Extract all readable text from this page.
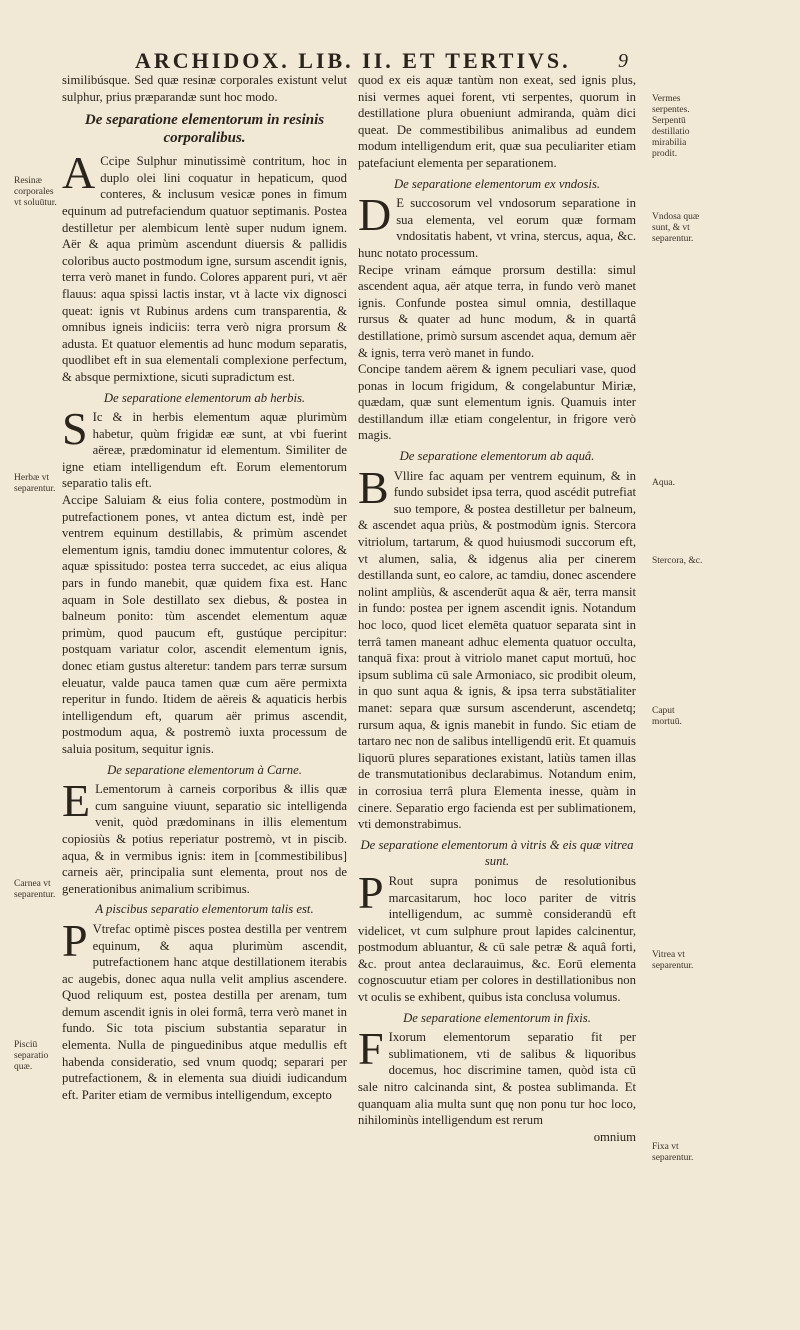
ARCHIDOX. LIB. II. ET TERTIVS.	9
Resinæ corporales vt soluūtur.
Herbæ vt separentur.
Carnea vt separentur.
Pisciū separatio quæ.
Vermes serpentes. Serpentū destillatio mirabilia prodit.
Vndosa quæ sunt, & vt separentur.
Aqua.
Stercora, &c.
Caput mortuū.
Vitrea vt separentur.
Fixa vt separentur.

similibúsque. Sed quæ resinæ corporales existunt velut sulphur, prius præparandæ sunt hoc modo.

De separatione elementorum in resinis corporalibus.

A Ccipe Sulphur minutissimè contritum, hoc in duplo olei lini coquatur in hepaticum, quod conteres, & inclusum vesicæ pones in fimum equinum ad putrefaciendum quatuor septimanis. Postea destilletur per alembicum lentè super nudum ignem. Aër & aqua primùm ascendunt diuersis & pallidis coloribus aucto postmodum igne, sursum ascendit ignis, terra verò manet in fundo. Colores apparent puri, vt aër flauus: aqua spissi lactis instar, vt à lacte vix dignosci queat: ignis vt Rubinus ardens cum transparentia, & omnibus igneis indiciis: terra verò nigra prorsum & adusta. Et quatuor elementis ad hunc modum separatis, quodlibet eft in sua elementali complexione perfectum, & absque permixtione, sicuti supradictum est.

De separatione elementorum ab herbis.

S Ic & in herbis elementum aquæ plurimùm habetur, quùm frigidæ eæ sunt, at vbi fuerint aëreæ, prædominatur id elementum. Similiter de igne etiam intelligendum eft. Eorum elementorum separatio talis eft.

Accipe Saluiam & eius folia contere, postmodùm in putrefactionem pones, vt antea dictum est, indè per ventrem equinum destillabis, & primùm ascendet elementum ignis, tamdiu donec immutentur colores, & aquæ spissitudo: postea terra succedet, ac eius aliqua pars in fundo manebit, quæ quidem fixa est. Hanc aquam in Sole destillato sex diebus, & postea in balneum ponito: tùm ascendet elementum aquæ primùm, quod paucum eft, gustúque percipitur: postquam variatur color, ascendit elementum ignis, donec etiam gustus alteretur: tandem pars terræ sursum eleuatur, valde pauca tamen quæ cum aëre permixta reperitur in fundo. Itidem de aëreis & aquaticis herbis intelligendum eft, quarum aër primus ascendit, postmodum aqua, & postremò iuxta processum de saluia positum, sequitur ignis.

De separatione elementorum à Carne.

E Lementorum à carneis corporibus & illis quæ cum sanguine viuunt, separatio sic intelligenda venit, quòd prædominans in illis elementum copiosiùs & potius reperiatur postremò, vt in piscib. aqua, & in vermibus ignis: item in [commestibilibus] carneis aër, principalia sunt elementa, prout nos de generationibus animalium scribimus.

A piscibus separatio elementorum talis est.

P Vtrefac optimè pisces postea destilla per ventrem equinum, & aqua plurimùm ascendit, putrefactionem hanc atque destillationem iterabis ac augebis, donec aqua nulla velit amplius ascendere. Quod reliquum est, postea destilla per arenam, tum demum ascendit ignis in olei formâ, terra verò manet in fundo. Sic tota piscium substantia separatur in elementa. Nulla de pinguedinibus atque medullis eft habenda consideratio, sed vnum quodq; separari per putrefactionem, & in elementa sua diuidi iudicandum eft. Pariter etiam de vermibus intelligendum, excepto

quod ex eis aquæ tantùm non exeat, sed ignis plus, nisi vermes aquei forent, vti serpentes, quorum in destillatione plura obueniunt admiranda, quàm dici queat. De commestibilibus animalibus ad eundem modum intelligendum erit, quæ sua peculiariter etiam patefaciunt elementa per separationem.

De separatione elementorum ex vndosis.

D E succosorum vel vndosorum separatione in sua elementa, vel eorum quæ formam vndositatis habent, vt vrina, stercus, aqua, &c. hunc notato processum.

Recipe vrinam eámque prorsum destilla: simul ascendent aqua, aër atque terra, in fundo verò manet ignis. Confunde postea simul omnia, destillaque rursus & quater ad hunc modum, & in quartâ destillatione, primò sursum ascendet aqua, demum aër & ignis, terra verò manet in fundo.

Concipe tandem aërem & ignem peculiari vase, quod ponas in locum frigidum, & congelabuntur Miriæ, quædam, quæ sunt elementum ignis. Quamuis inter destillandum illæ etiam congelentur, in frigore verò magis.

De separatione elementorum ab aquâ.

B Vllire fac aquam per ventrem equinum, & in fundo subsidet ipsa terra, quod ascédit putrefiat suo tempore, & postea destilletur per balneum, & ascendet aqua priùs, & postmodùm ignis. Stercora vitriolum, tartarum, & quod huiusmodi succorum eft, vt alumen, salia, & idgenus alia per cinerem destillanda sunt, eo calore, ac tamdiu, donec ascendere nolint ampliùs, & ascenderūt aqua & aër, terra mansit in fundo: postea per ignem ascendit ignis. Notandum hoc loco, quod licet elemēta quatuor separata sint in terrâ tamen maneant adhuc elementa quatuor occulta, tanquā fixa: prout à vitriolo manet caput mortuū, hoc ipsum sublima cū sale Armoniaco, sic prodibit oleum, in quo sunt aqua & ignis, & ipsa terra substātialiter manet: separa quæ sursum ascenderunt, ascendetq; rursum aqua, & ignis manebit in fundo. Sic etiam de tartaro nec non de salibus intelligendū erit. Et quamuis liquorū plures separationes existant, latiùs tamen illas de transmutationibus declarabimus. Notandum enim, in corrosiua terrâ plura Elementa inesse, quàm in cinere. Separatio ergo facienda est per sublimationem, vti demonstrabimus.

De separatione elementorum à vitris & eis quæ vitrea sunt.

P Rout supra ponimus de resolutionibus marcasitarum, hoc loco pariter de vitris intelligendum, ac summè considerandū eft videlicet, vt cum sulphure prout lapides calcinentur, postmodum abluantur, & cū sale petræ & aquâ forti, &c. prout antea declarauimus, &c. Eorū elementa cognoscuutur etiam per colores in destillationibus non vt oculis se exhibent, quibus ista conclusa volumus.

De separatione elementorum in fixis.

F Ixorum elementorum separatio fit per sublimationem, vti de salibus & liquoribus docemus, hoc discrimine tamen, quòd ista cū sale nitro calcinanda sint, & postea sublimanda. Et quanquam alia multa sunt quę non ponu tur hoc loco, nihilominùs intelligendum est rerum

omnium
